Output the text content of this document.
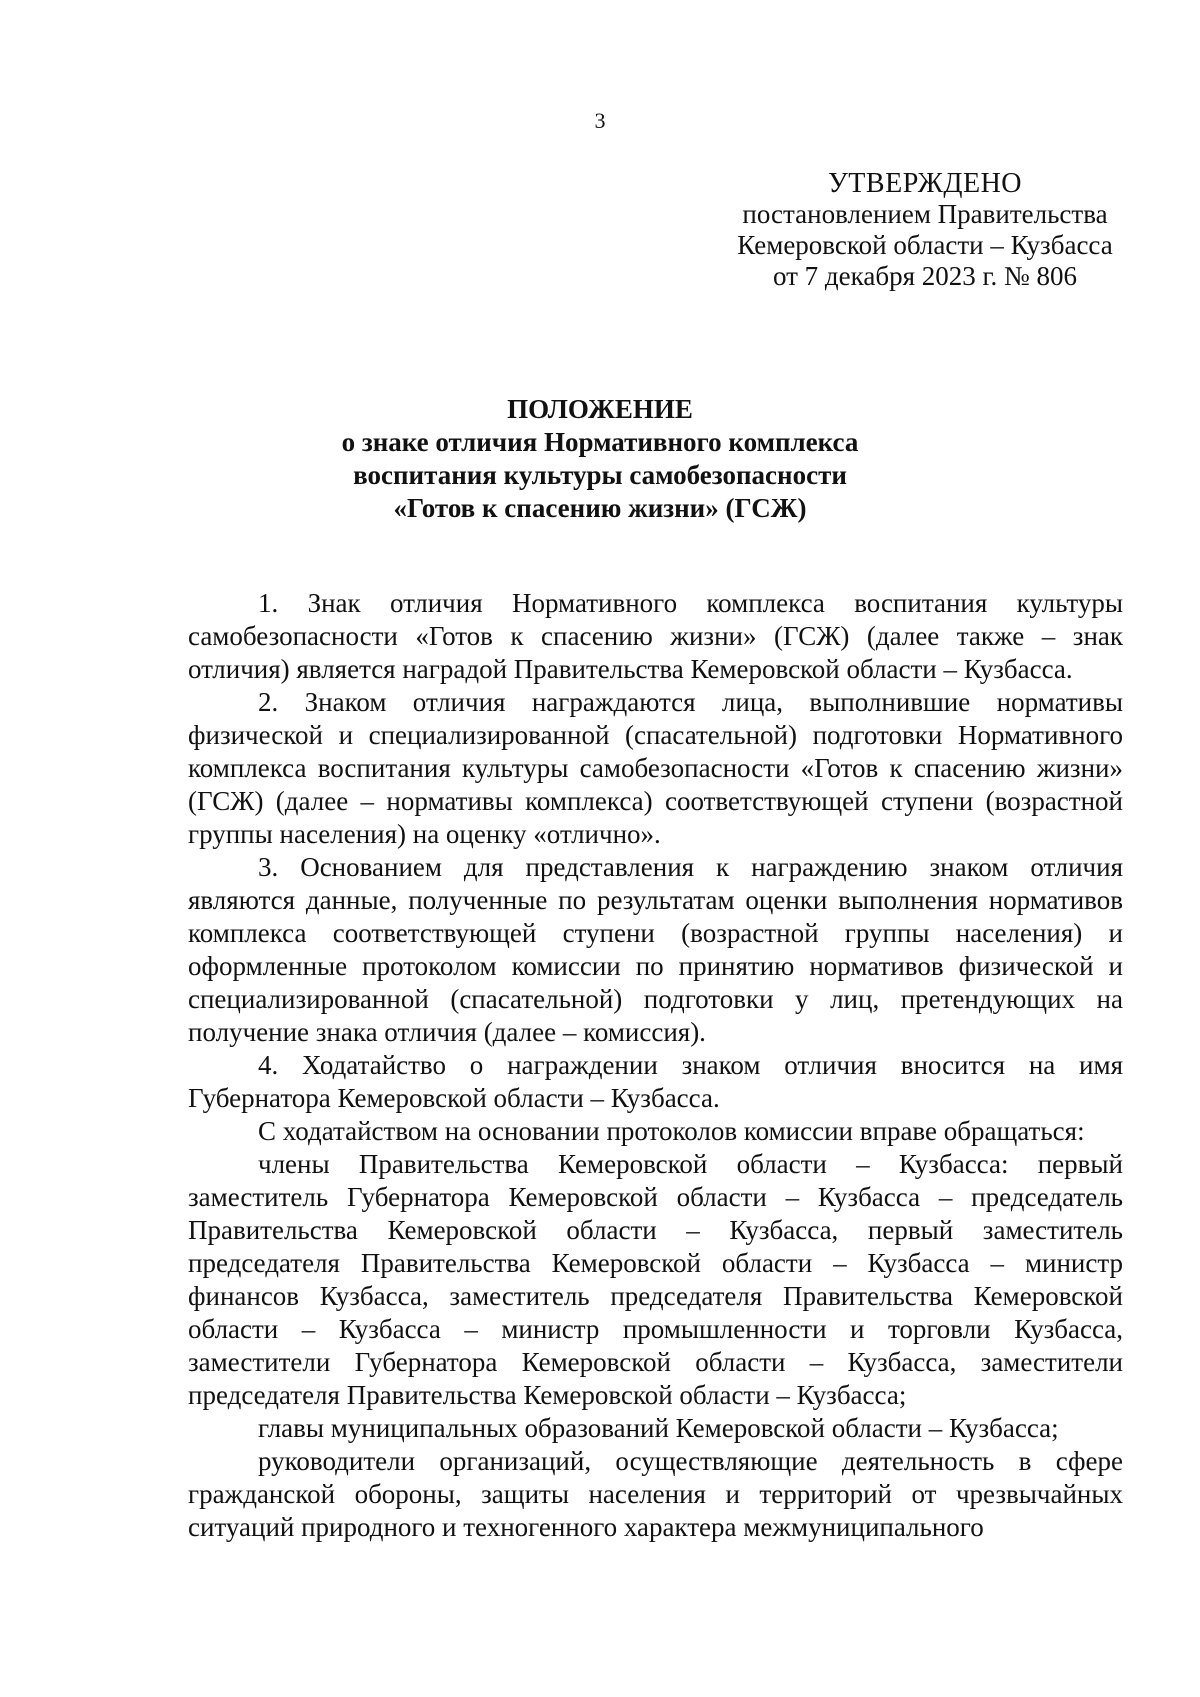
3
УТВЕРЖДЕНО
постановлением Правительства
Кемеровской области – Кузбасса
от 7 декабря 2023 г. № 806
ПОЛОЖЕНИЕ
о знаке отличия Нормативного комплекса
воспитания культуры самобезопасности
«Готов к спасению жизни» (ГСЖ)

1. Знак отличия Нормативного комплекса воспитания культуры самобезопасности «Готов к спасению жизни» (ГСЖ) (далее также – знак отличия) является наградой Правительства Кемеровской области – Кузбасса.

2. Знаком отличия награждаются лица, выполнившие нормативы физической и специализированной (спасательной) подготовки Нормативного комплекса воспитания культуры самобезопасности «Готов к спасению жизни» (ГСЖ) (далее – нормативы комплекса) соответствующей ступени (возрастной группы населения) на оценку «отлично».

3. Основанием для представления к награждению знаком отличия являются данные, полученные по результатам оценки выполнения нормативов комплекса соответствующей ступени (возрастной группы населения) и оформленные протоколом комиссии по принятию нормативов физической и специализированной (спасательной) подготовки у лиц, претендующих на получение знака отличия (далее – комиссия).

4. Ходатайство о награждении знаком отличия вносится на имя Губернатора Кемеровской области – Кузбасса.

С ходатайством на основании протоколов комиссии вправе обращаться:

члены Правительства Кемеровской области – Кузбасса: первый заместитель Губернатора Кемеровской области – Кузбасса – председатель Правительства Кемеровской области – Кузбасса, первый заместитель председателя Правительства Кемеровской области – Кузбасса – министр финансов Кузбасса, заместитель председателя Правительства Кемеровской области – Кузбасса – министр промышленности и торговли Кузбасса, заместители Губернатора Кемеровской области – Кузбасса, заместители председателя Правительства Кемеровской области – Кузбасса;

главы муниципальных образований Кемеровской области – Кузбасса;

руководители организаций, осуществляющие деятельность в сфере гражданской обороны, защиты населения и территорий от чрезвычайных ситуаций природного и техногенного характера межмуниципального
